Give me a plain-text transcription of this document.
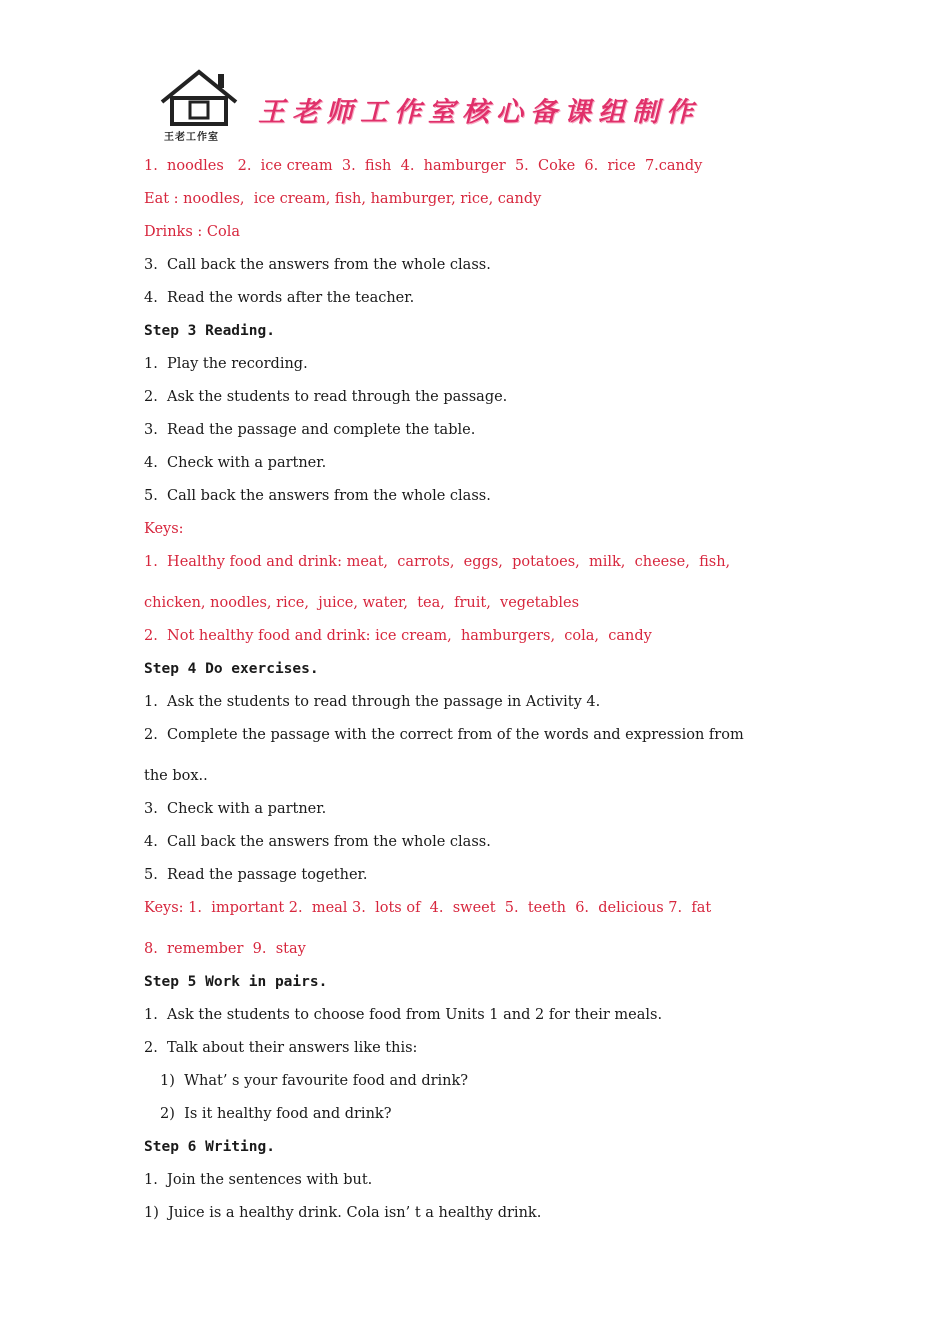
王老工作室
王老师工作室核心备课组制作
1.  noodles   2.  ice cream  3.  fish  4.  hamburger  5.  Coke  6.  rice  7.candy
Eat : noodles,  ice cream, fish, hamburger, rice, candy
Drinks : Cola
3.  Call back the answers from the whole class.
4.  Read the words after the teacher.
Step 3 Reading.
1.  Play the recording.
2.  Ask the students to read through the passage.
3.  Read the passage and complete the table.
4.  Check with a partner.
5.  Call back the answers from the whole class.
Keys:
1.  Healthy food and drink: meat,  carrots,  eggs,  potatoes,  milk,  cheese,  fish,
chicken, noodles, rice,  juice, water,  tea,  fruit,  vegetables
2.  Not healthy food and drink: ice cream,  hamburgers,  cola,  candy
Step 4 Do exercises.
1.  Ask the students to read through the passage in Activity 4.
2.  Complete the passage with the correct from of the words and expression from
the box..
3.  Check with a partner.
4.  Call back the answers from the whole class.
5.  Read the passage together.
Keys: 1.  important 2.  meal 3.  lots of  4.  sweet  5.  teeth  6.  delicious 7.  fat
8.  remember  9.  stay
Step 5 Work in pairs.
1.  Ask the students to choose food from Units 1 and 2 for their meals.
2.  Talk about their answers like this:
1)  What’ s your favourite food and drink?
2)  Is it healthy food and drink?
Step 6 Writing.
1.  Join the sentences with but.
1)  Juice is a healthy drink. Cola isn’ t a healthy drink.
